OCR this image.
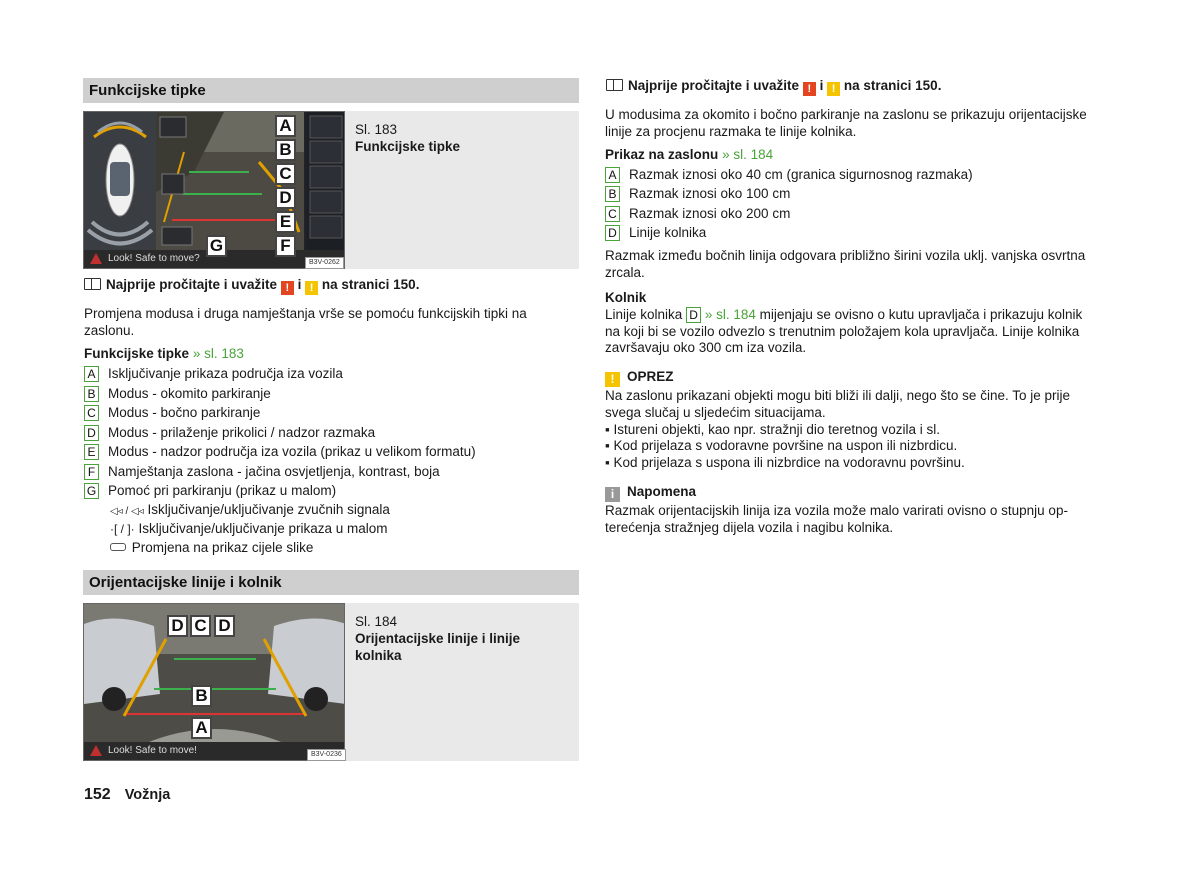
Funkcijske tipke
Look! Safe to move?	B3V-0262
A
B
C
D
E
F
G
Sl. 183
Funkcijske tipke
Najprije pročitajte i uvažite ! i ! na stranici 150.
Promjena modusa i druga namještanja vrše se pomoću funkcijskih tipki na zaslonu.
Funkcijske tipke » sl. 183
A Isključivanje prikaza područja iza vozila
B Modus - okomito parkiranje
C Modus - bočno parkiranje
D Modus - prilaženje prikolici / nadzor razmaka
E Modus - nadzor područja iza vozila (prikaz u velikom formatu)
F Namještanja zaslona - jačina osvjetljenja, kontrast, boja
G Pomoć pri parkiranju (prikaz u malom)
◁◃ / ◁◃ Isključivanje/uključivanje zvučnih signala
·[ / ]· Isključivanje/uključivanje prikaza u malom
Promjena na prikaz cijele slike
Orijentacijske linije i kolnik
Look! Safe to move!	B3V-0236
D C D
B
A
Sl. 184
Orijentacijske linije i linije kolnika
152 Vožnja
Najprije pročitajte i uvažite ! i ! na stranici 150.
U modusima za okomito i bočno parkiranje na zaslonu se prikazuju orijentacijske linije za procjenu razmaka te linije kolnika.
Prikaz na zaslonu » sl. 184
A Razmak iznosi oko 40 cm (granica sigurnosnog razmaka)
B Razmak iznosi oko 100 cm
C Razmak iznosi oko 200 cm
D Linije kolnika
Razmak između bočnih linija odgovara približno širini vozila uklj. vanjska osvrtna zrcala.
Kolnik
Linije kolnika D » sl. 184 mijenjaju se ovisno o kutu upravljača i prikazuju kolnik na koji bi se vozilo odvezlo s trenutnim položajem kola upravljača. Linije kolnika završavaju oko 300 cm iza vozila.
! OPREZ
Na zaslonu prikazani objekti mogu biti bliži ili dalji, nego što se čine. To je prije svega slučaj u sljedećim situacijama.
▪ Istureni objekti, kao npr. stražnji dio teretnog vozila i sl.
▪ Kod prijelaza s vodoravne površine na uspon ili nizbrdicu.
▪ Kod prijelaza s uspona ili nizbrdice na vodoravnu površinu.
i Napomena
Razmak orijentacijskih linija iza vozila može malo varirati ovisno o stupnju opterećenja stražnjeg dijela vozila i nagibu kolnika.
